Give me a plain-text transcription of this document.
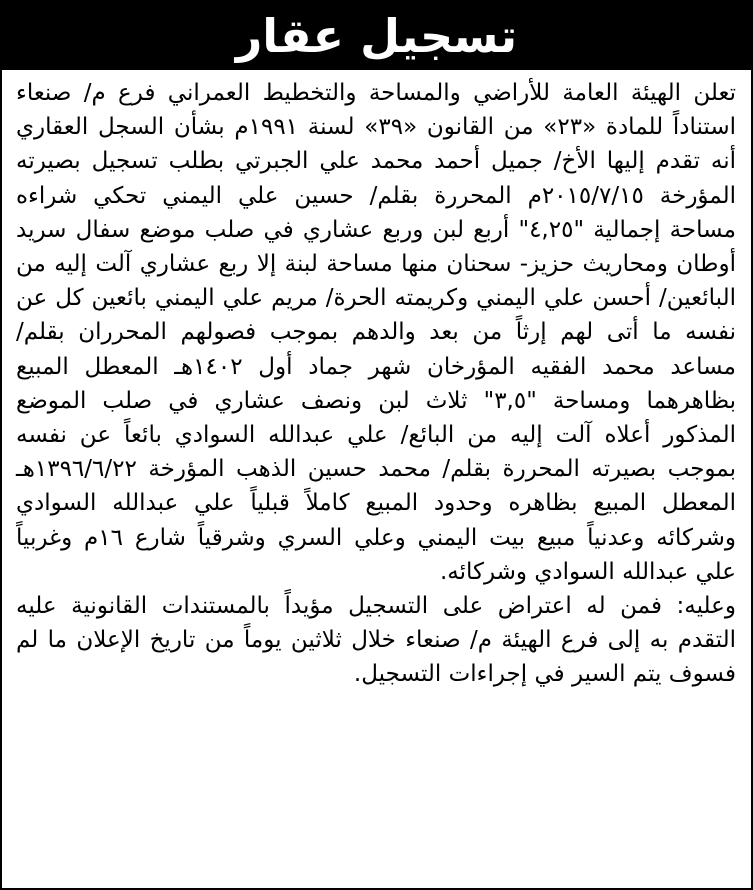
تسجيل عقار

تعلن الهيئة العامة للأراضي والمساحة والتخطيط العمراني فرع م/ صنعاء استناداً للمادة «٢٣» من القانون «٣٩» لسنة ١٩٩١م بشأن السجل العقاري أنه تقدم إليها الأخ/ جميل أحمد محمد علي الجبرتي بطلب تسجيل بصيرته المؤرخة ٢٠١٥/٧/١٥م المحررة بقلم/ حسين علي اليمني تحكي شراءه مساحة إجمالية "٤,٢٥" أربع لبن وربع عشاري في صلب موضع سفال سريد أوطان ومحاريث حزيز- سحنان منها مساحة لبنة إلا ربع عشاري آلت إليه من البائعين/ أحسن علي اليمني وكريمته الحرة/ مريم علي اليمني بائعين كل عن نفسه ما أتى لهم إرثاً من بعد والدهم بموجب فصولهم المحرران بقلم/ مساعد محمد الفقيه المؤرخان شهر جماد أول ١٤٠٢هـ المعطل المبيع بظاهرهما ومساحة "٣,٥" ثلاث لبن ونصف عشاري في صلب الموضع المذكور أعلاه آلت إليه من البائع/ علي عبدالله السوادي بائعاً عن نفسه بموجب بصيرته المحررة بقلم/ محمد حسين الذهب المؤرخة ١٣٩٦/٦/٢٢هـ المعطل المبيع بظاهره وحدود المبيع كاملاً قبلياً علي عبدالله السوادي وشركائه وعدنياً مبيع بيت اليمني وعلي السري وشرقياً شارع ١٦م وغربياً علي عبدالله السوادي وشركائه.

وعليه: فمن له اعتراض على التسجيل مؤيداً بالمستندات القانونية عليه التقدم به إلى فرع الهيئة م/ صنعاء خلال ثلاثين يوماً من تاريخ الإعلان ما لم فسوف يتم السير في إجراءات التسجيل.
